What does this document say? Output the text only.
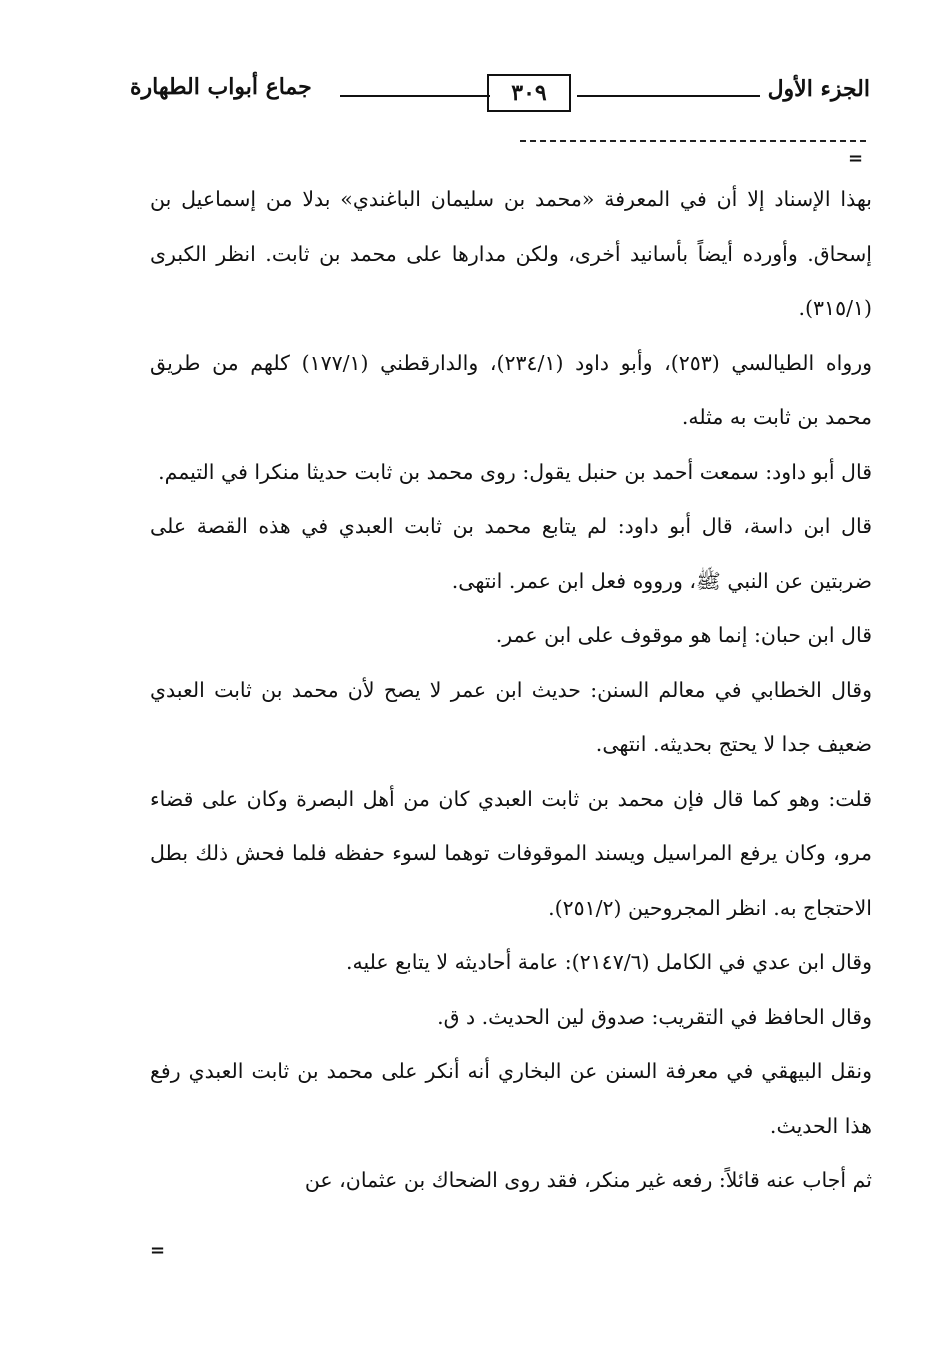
الجزء الأول
٣٠٩
جماع أبواب الطهارة
=

بهذا الإسناد إلا أن في المعرفة «محمد بن سليمان الباغندي» بدلا من إسماعيل بن إسحاق. وأورده أيضاً بأسانيد أخرى، ولكن مدارها على محمد بن ثابت. انظر الكبرى (٣١٥/١).

ورواه الطيالسي (٢٥٣)، وأبو داود (٢٣٤/١)، والدارقطني (١٧٧/١) كلهم من طريق محمد بن ثابت به مثله.

قال أبو داود: سمعت أحمد بن حنبل يقول: روى محمد بن ثابت حديثا منكرا في التيمم.

قال ابن داسة، قال أبو داود: لم يتابع محمد بن ثابت العبدي في هذه القصة على ضربتين عن النبي ﷺ، ورووه فعل ابن عمر. انتهى.

قال ابن حبان: إنما هو موقوف على ابن عمر.

وقال الخطابي في معالم السنن: حديث ابن عمر لا يصح لأن محمد بن ثابت العبدي ضعيف جدا لا يحتج بحديثه. انتهى.

قلت: وهو كما قال فإن محمد بن ثابت العبدي كان من أهل البصرة وكان على قضاء مرو، وكان يرفع المراسيل ويسند الموقوفات توهما لسوء حفظه فلما فحش ذلك بطل الاحتجاج به. انظر المجروحين (٢٥١/٢).

وقال ابن عدي في الكامل (٢١٤٧/٦): عامة أحاديثه لا يتابع عليه.

وقال الحافظ في التقريب: صدوق لين الحديث. د ق.

ونقل البيهقي في معرفة السنن عن البخاري أنه أنكر على محمد بن ثابت العبدي رفع هذا الحديث.

ثم أجاب عنه قائلاً: رفعه غير منكر، فقد روى الضحاك بن عثمان، عن

=
